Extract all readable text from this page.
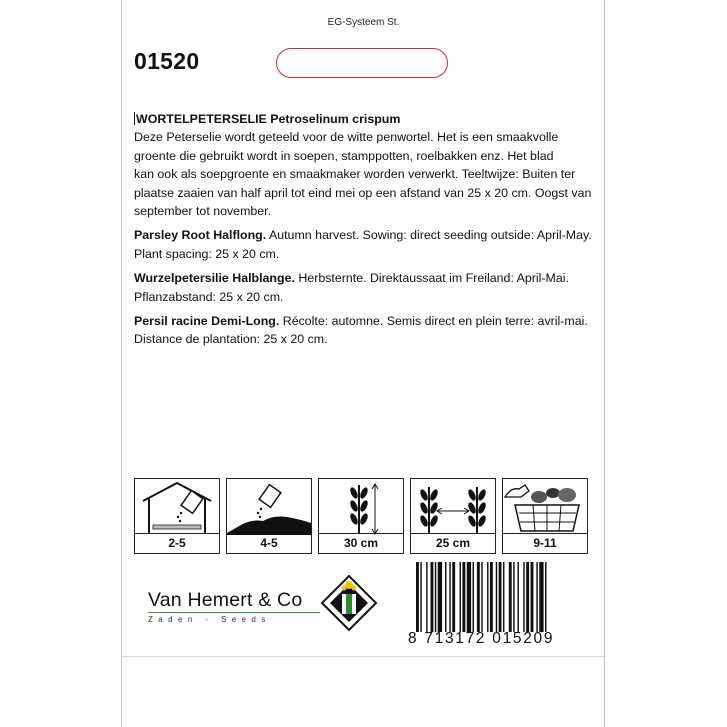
EG-Systeem St.
01520

WORTELPETERSELIE Petroselinum crispum
Deze Peterselie wordt geteeld voor de witte penwortel. Het is een smaakvolle
groente die gebruikt wordt in soepen, stamppotten, roelbakken enz. Het blad
kan ook als soepgroente en smaakmaker worden verwerkt. Teeltwijze: Buiten ter
plaatse zaaien van half april tot eind mei op een afstand van 25 x 20 cm. Oogst van
september tot november.

Parsley Root Halflong. Autumn harvest. Sowing: direct seeding outside: April-May.
Plant spacing: 25 x 20 cm.

Wurzelpetersilie Halblange. Herbsternte. Direktaussaat im Freiland: April-Mai.
Pflanzabstand: 25 x 20 cm.

Persil racine Demi-Long. Récolte: automne. Semis direct en plein terre: avril-mai.
Distance de plantation: 25 x 20 cm.

2-5	4-5	30 cm	25 cm	9-11
Van Hemert & Co
Zaden - Seeds
8 713172 015209
